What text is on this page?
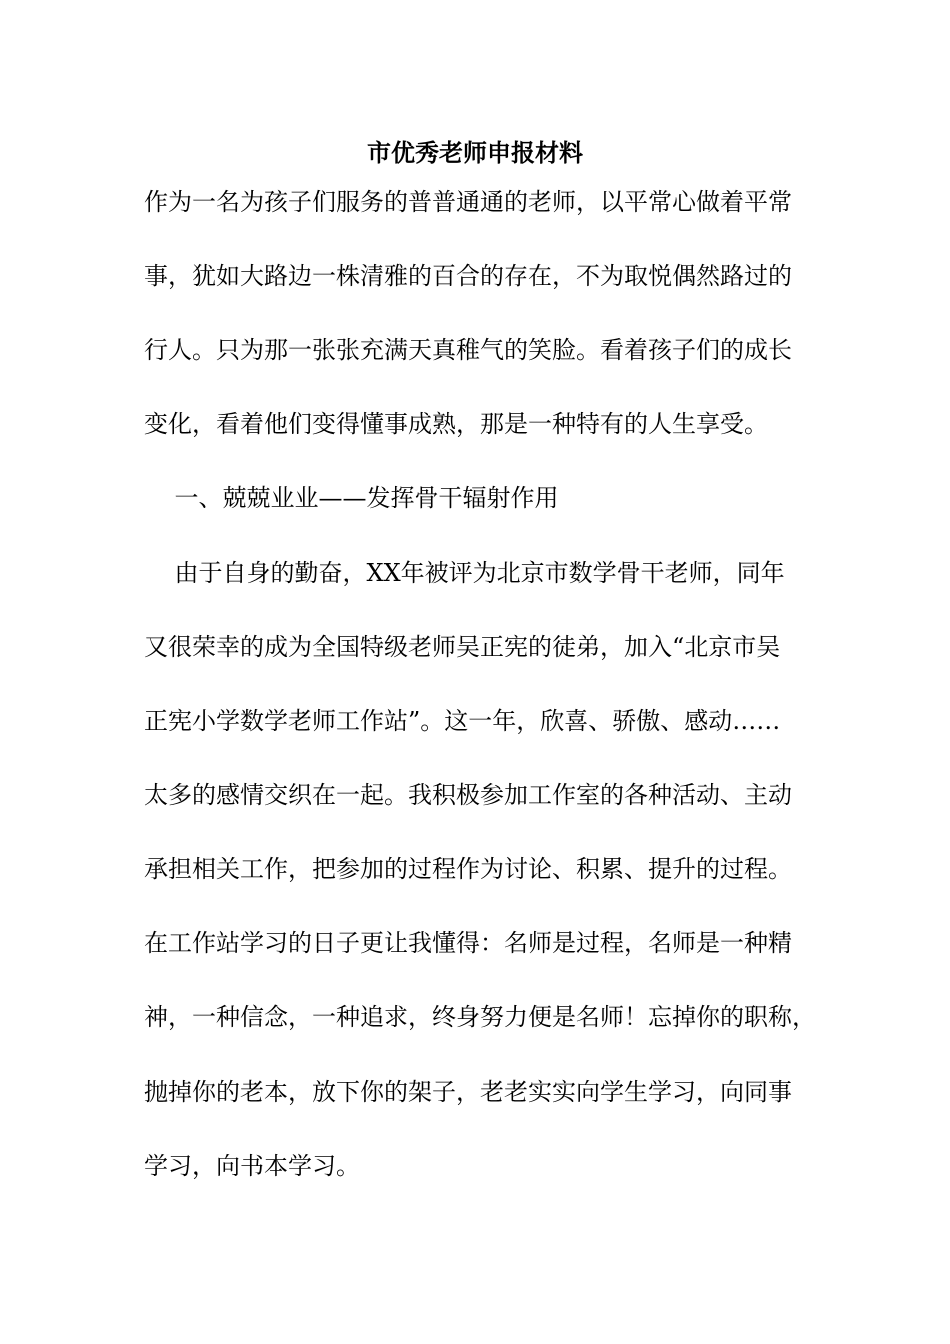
市优秀老师申报材料

作为一名为孩子们服务的普普通通的老师，以平常心做着平常

事，犹如大路边一株清雅的百合的存在，不为取悦偶然路过的

行人。只为那一张张充满天真稚气的笑脸。看着孩子们的成长

变化，看着他们变得懂事成熟，那是一种特有的人生享受。

一、兢兢业业——发挥骨干辐射作用

由于自身的勤奋，XX年被评为北京市数学骨干老师，同年

又很荣幸的成为全国特级老师吴正宪的徒弟，加入“北京市吴

正宪小学数学老师工作站”。这一年，欣喜、骄傲、感动……

太多的感情交织在一起。我积极参加工作室的各种活动、主动

承担相关工作，把参加的过程作为讨论、积累、提升的过程。

在工作站学习的日子更让我懂得：名师是过程，名师是一种精

神，一种信念，一种追求，终身努力便是名师！忘掉你的职称，

抛掉你的老本，放下你的架子，老老实实向学生学习，向同事

学习，向书本学习。
